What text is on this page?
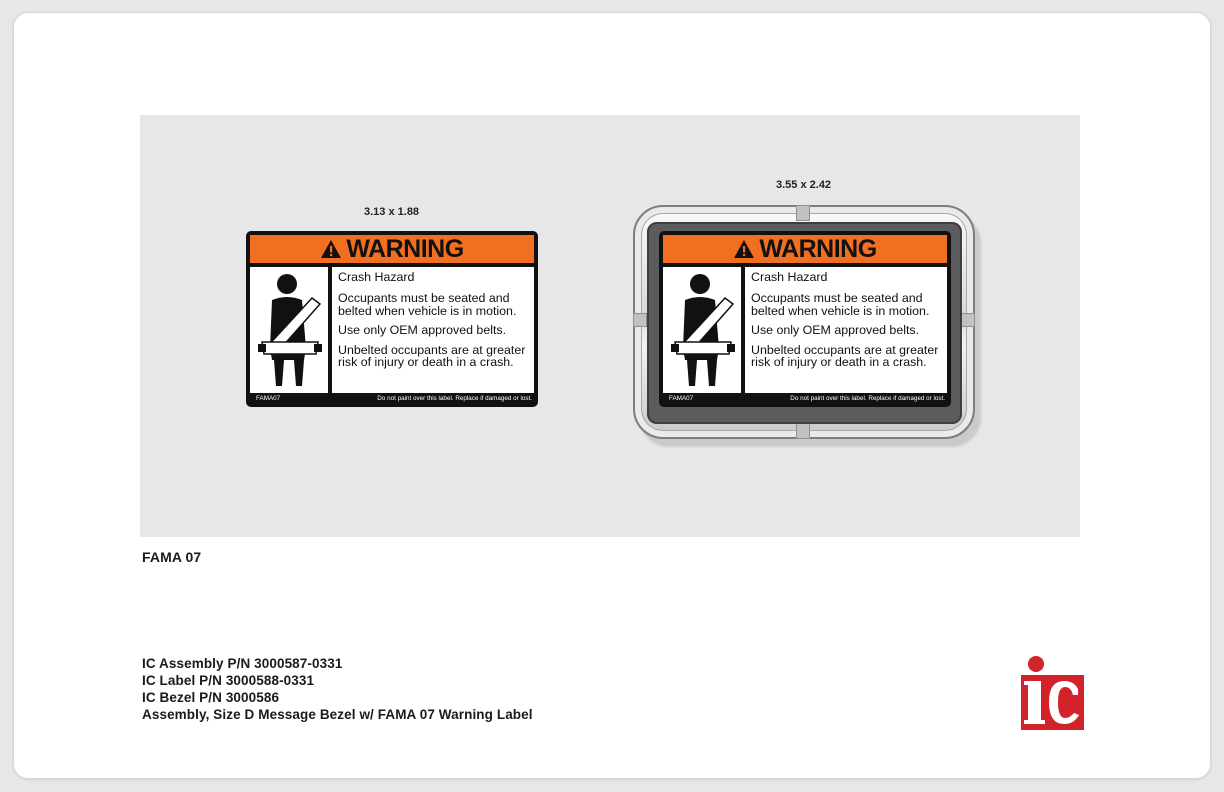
3.13 x 1.88
WARNING

Crash Hazard

Occupants must be seated and belted when vehicle is in motion.

Use only OEM approved belts.

Unbelted occupants are at greater risk of injury or death in a crash.

FAMA07	Do not paint over this label. Replace if damaged or lost.
3.55 x 2.42
WARNING

Crash Hazard

Occupants must be seated and belted when vehicle is in motion.

Use only OEM approved belts.

Unbelted occupants are at greater risk of injury or death in a crash.

FAMA07	Do not paint over this label. Replace if damaged or lost.
FAMA 07
IC Assembly P/N 3000587-0331
IC Label P/N 3000588-0331
IC Bezel P/N 3000586
Assembly, Size D Message Bezel w/ FAMA 07 Warning Label
